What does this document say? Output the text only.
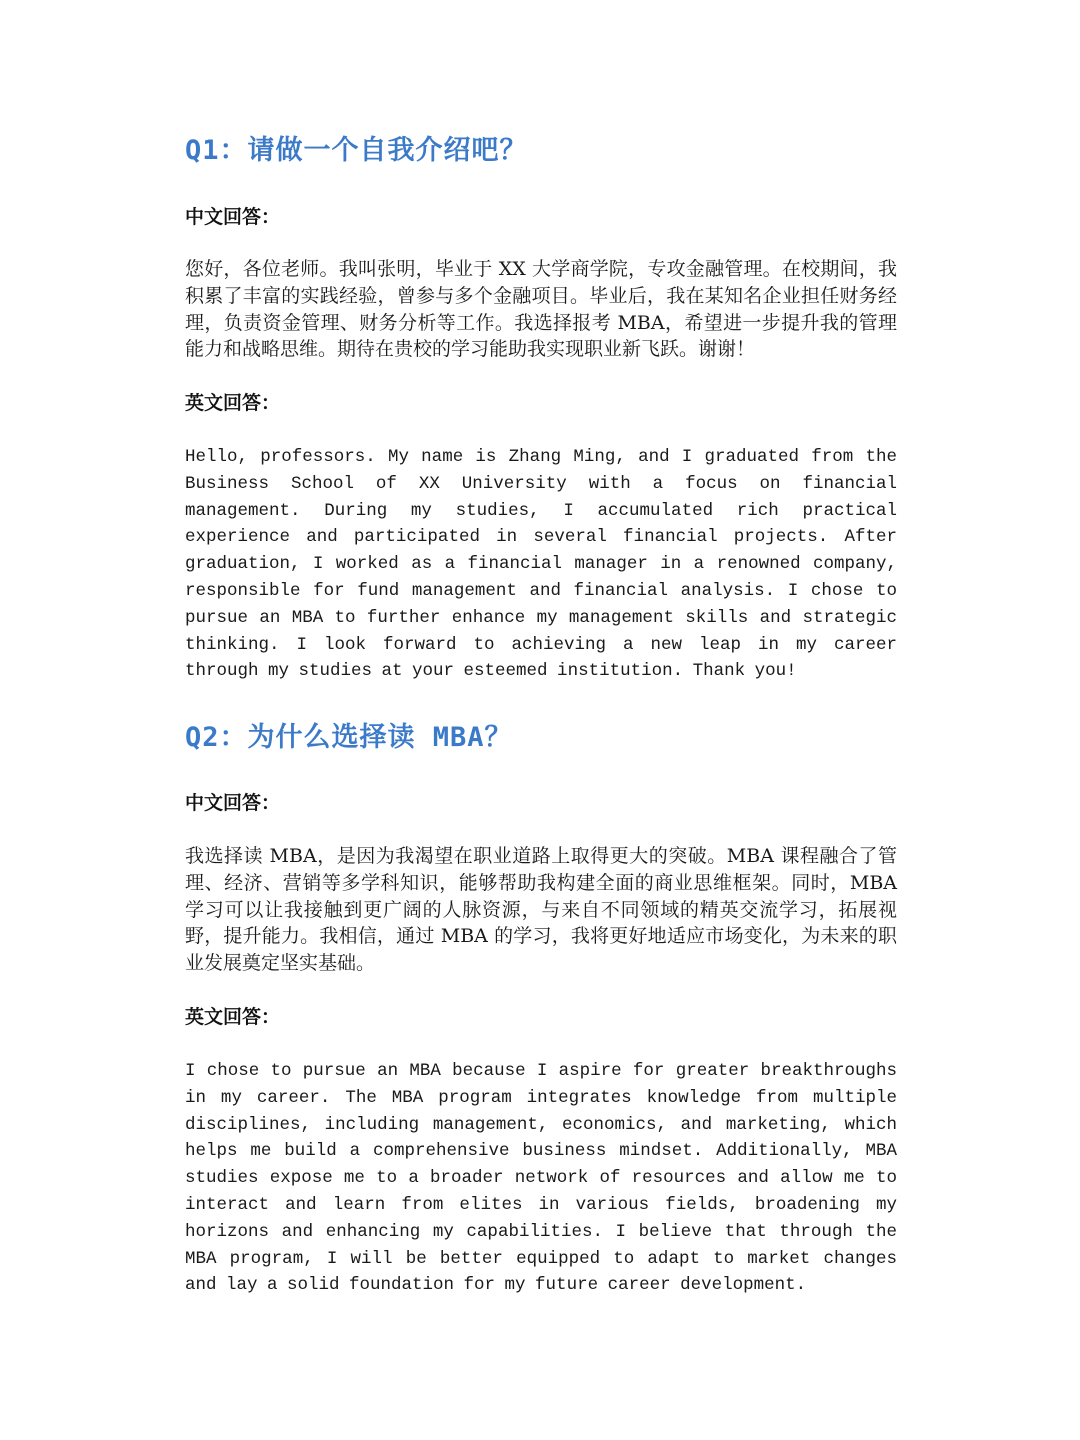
Q1：请做一个自我介绍吧？

中文回答：

您好，各位老师。我叫张明，毕业于 XX 大学商学院，专攻金融管理。在校期间，我积累了丰富的实践经验，曾参与多个金融项目。毕业后，我在某知名企业担任财务经理，负责资金管理、财务分析等工作。我选择报考 MBA，希望进一步提升我的管理能力和战略思维。期待在贵校的学习能助我实现职业新飞跃。谢谢！

英文回答：

Hello, professors. My name is Zhang Ming, and I graduated from the Business School of XX University with a focus on financial management. During my studies, I accumulated rich practical experience and participated in several financial projects. After graduation, I worked as a financial manager in a renowned company, responsible for fund management and financial analysis. I chose to pursue an MBA to further enhance my management skills and strategic thinking. I look forward to achieving a new leap in my career through my studies at your esteemed institution. Thank you!

Q2：为什么选择读 MBA？

中文回答：

我选择读 MBA，是因为我渴望在职业道路上取得更大的突破。MBA 课程融合了管理、经济、营销等多学科知识，能够帮助我构建全面的商业思维框架。同时，MBA 学习可以让我接触到更广阔的人脉资源，与来自不同领域的精英交流学习，拓展视野，提升能力。我相信，通过 MBA 的学习，我将更好地适应市场变化，为未来的职业发展奠定坚实基础。

英文回答：

I chose to pursue an MBA because I aspire for greater breakthroughs in my career. The MBA program integrates knowledge from multiple disciplines, including management, economics, and marketing, which helps me build a comprehensive business mindset. Additionally, MBA studies expose me to a broader network of resources and allow me to interact and learn from elites in various fields, broadening my horizons and enhancing my capabilities. I believe that through the MBA program, I will be better equipped to adapt to market changes and lay a solid foundation for my future career development.
